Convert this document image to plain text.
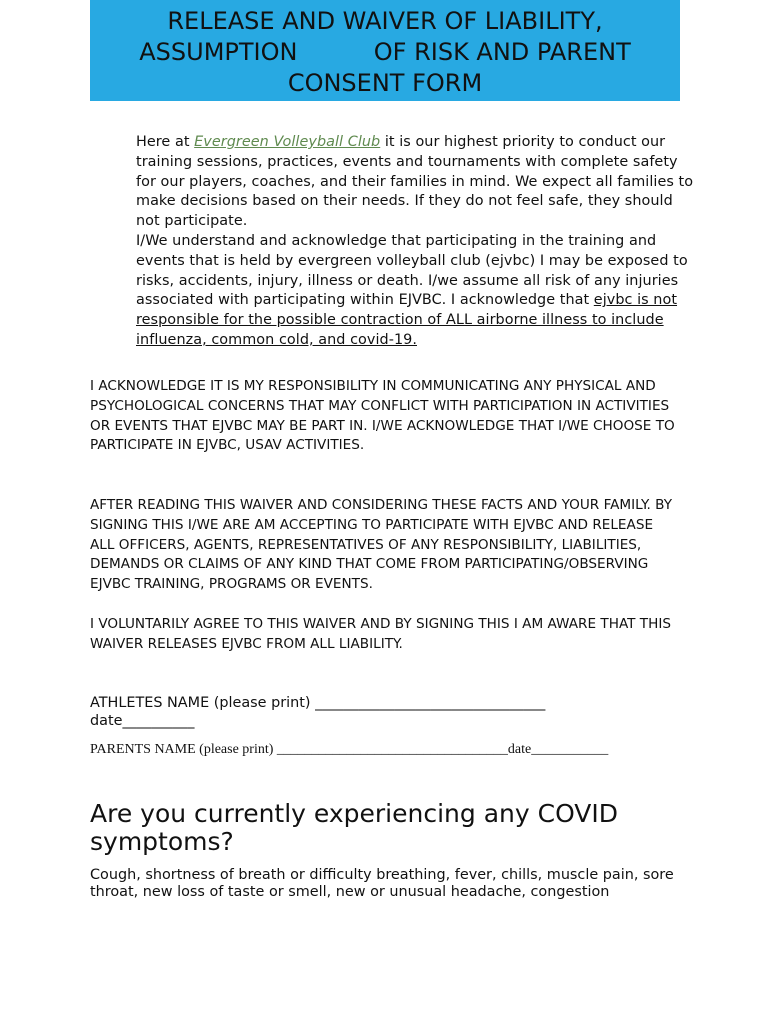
RELEASE AND WAIVER OF LIABILITY,
ASSUMPTION          OF RISK AND PARENT
CONSENT FORM

Here at Evergreen Volleyball Club it is our highest priority to conduct our training sessions, practices, events and tournaments with complete safety for our players, coaches, and their families in mind. We expect all families to make decisions based on their needs. If they do not feel safe, they should not participate.

I/We understand and acknowledge that participating in the training and events that is held by evergreen volleyball club (ejvbc) I may be exposed to risks, accidents, injury, illness or death. I/we assume all risk of any injuries associated with participating within EJVBC. I acknowledge that ejvbc is not responsible for the possible contraction of ALL airborne illness to include influenza, common cold, and covid-19.

I ACKNOWLEDGE IT IS MY RESPONSIBILITY IN COMMUNICATING ANY PHYSICAL AND PSYCHOLOGICAL CONCERNS THAT MAY CONFLICT WITH PARTICIPATION IN ACTIVITIES OR EVENTS THAT EJVBC MAY BE PART IN. I/WE ACKNOWLEDGE THAT I/WE CHOOSE TO PARTICIPATE IN EJVBC, USAV ACTIVITIES.

AFTER READING THIS WAIVER AND CONSIDERING THESE FACTS AND YOUR FAMILY. BY SIGNING THIS I/WE ARE AM ACCEPTING TO PARTICIPATE WITH EJVBC AND RELEASE ALL OFFICERS, AGENTS, REPRESENTATIVES OF ANY RESPONSIBILITY, LIABILITIES, DEMANDS OR CLAIMS OF ANY KIND THAT COME FROM PARTICIPATING/OBSERVING EJVBC TRAINING, PROGRAMS OR EVENTS.

I VOLUNTARILY AGREE TO THIS WAIVER AND BY SIGNING THIS I AM AWARE THAT THIS WAIVER RELEASES EJVBC FROM ALL LIABILITY.

ATHLETES NAME (please print) ________________________________
date__________

PARENTS NAME (please print) _________________________________date___________

Are you currently experiencing any COVID symptoms?

Cough, shortness of breath or difficulty breathing, fever, chills, muscle pain, sore throat, new loss of taste or smell, new or unusual headache, congestion
